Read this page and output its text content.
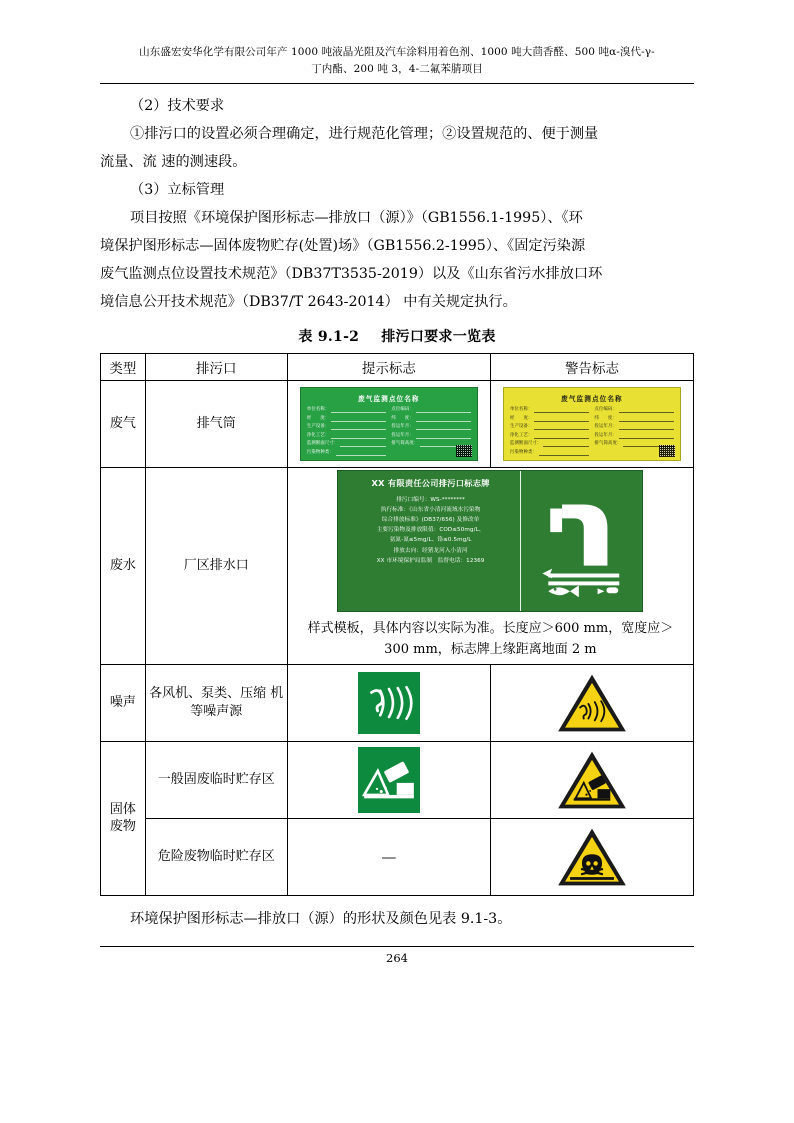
山东盛宏安华化学有限公司年产 1000 吨液晶光阻及汽车涂料用着色剂、1000 吨大茴香醛、500 吨α-溴代-γ-
丁内酯、200 吨 3，4-二氟苯腈项目

（2）技术要求

①排污口的设置必须合理确定，进行规范化管理；②设置规范的、便于测量

流量、流 速的测速段。

（3）立标管理

项目按照《环境保护图形标志—排放口（源）》（GB1556.1-1995）、《环

境保护图形标志—固体废物贮存(处置)场》（GB1556.2-1995）、《固定污染源

废气监测点位设置技术规范》（DB37T3535-2019）以及《山东省污水排放口环

境信息公开技术规范》（DB37/T 2643-2014） 中有关规定执行。

表 9.1-2 排污口要求一览表
类型	排污口	提示标志	警告标志
废气	排气筒	
废气监测点位名称
单位名称：	点位编码：
经　　度：	纬　　度：
生产设备：	投运年月：
净化工艺：	投运年月：
监测断面尺寸：	排气筒高度：
污染物种类：

废气监测点位名称
单位名称：	点位编码：
经　　度：	纬　　度：
生产设备：	投运年月：
净化工艺：	投运年月：
监测断面尺寸：	排气筒高度：
污染物种类：

废水	厂区排水口	
XX 有限责任公司排污口标志牌
排污口编号：WS-********
执行标准：《山东省小清河流域水污染物
综合排放标准》(DB37/656) 及修改单
主要污染物及排放限值：COD≤50mg/L、
氨氮-氮≤5mg/L、铬≤0.5mg/L
排放去向：经猪龙河入小清河
XX 市环境保护局监制　监督电话：12369
样式模板，具体内容以实际为准。长度应＞600 mm，宽度应＞ 300 mm，标志牌上缘距离地面 2 m

噪声	各风机、泵类、压缩 机等噪声源	

固体废物	一般固废临时贮存区	

	危险废物临时贮存区	—	

环境保护图形标志—排放口（源）的形状及颜色见表 9.1-3。

264
